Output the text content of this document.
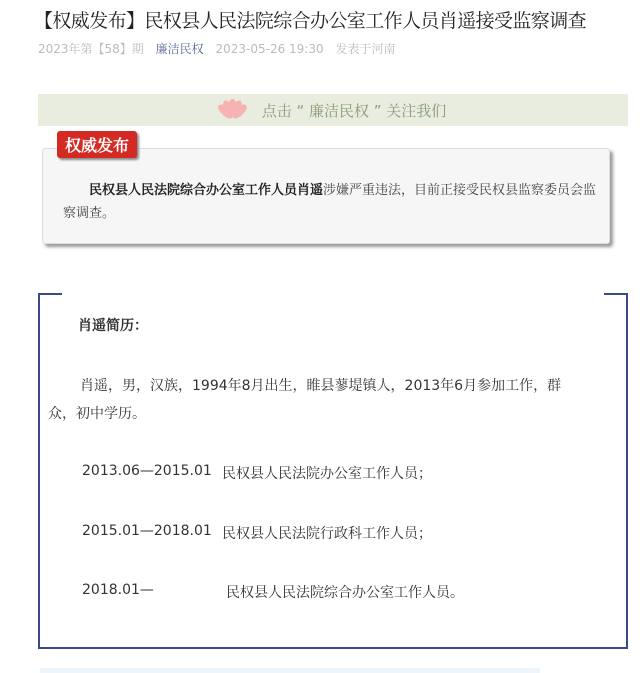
【权威发布】民权县人民法院综合办公室工作人员肖遥接受监察调查
2023年第【58】期 廉洁民权 2023-05-26 19:30 发表于河南
点击 “ 廉洁民权 ” 关注我们
权威发布

民权县人民法院综合办公室工作人员肖遥涉嫌严重违法，目前正接受民权县监察委员会监察调查。

肖遥简历：
肖遥，男，汉族，1994年8月出生，睢县蓼堤镇人，2013年6月参加工作，群
众，初中学历。
2013.06—2015.01 民权县人民法院办公室工作人员；
2015.01—2018.01 民权县人民法院行政科工作人员；
2018.01—	民权县人民法院综合办公室工作人员。
